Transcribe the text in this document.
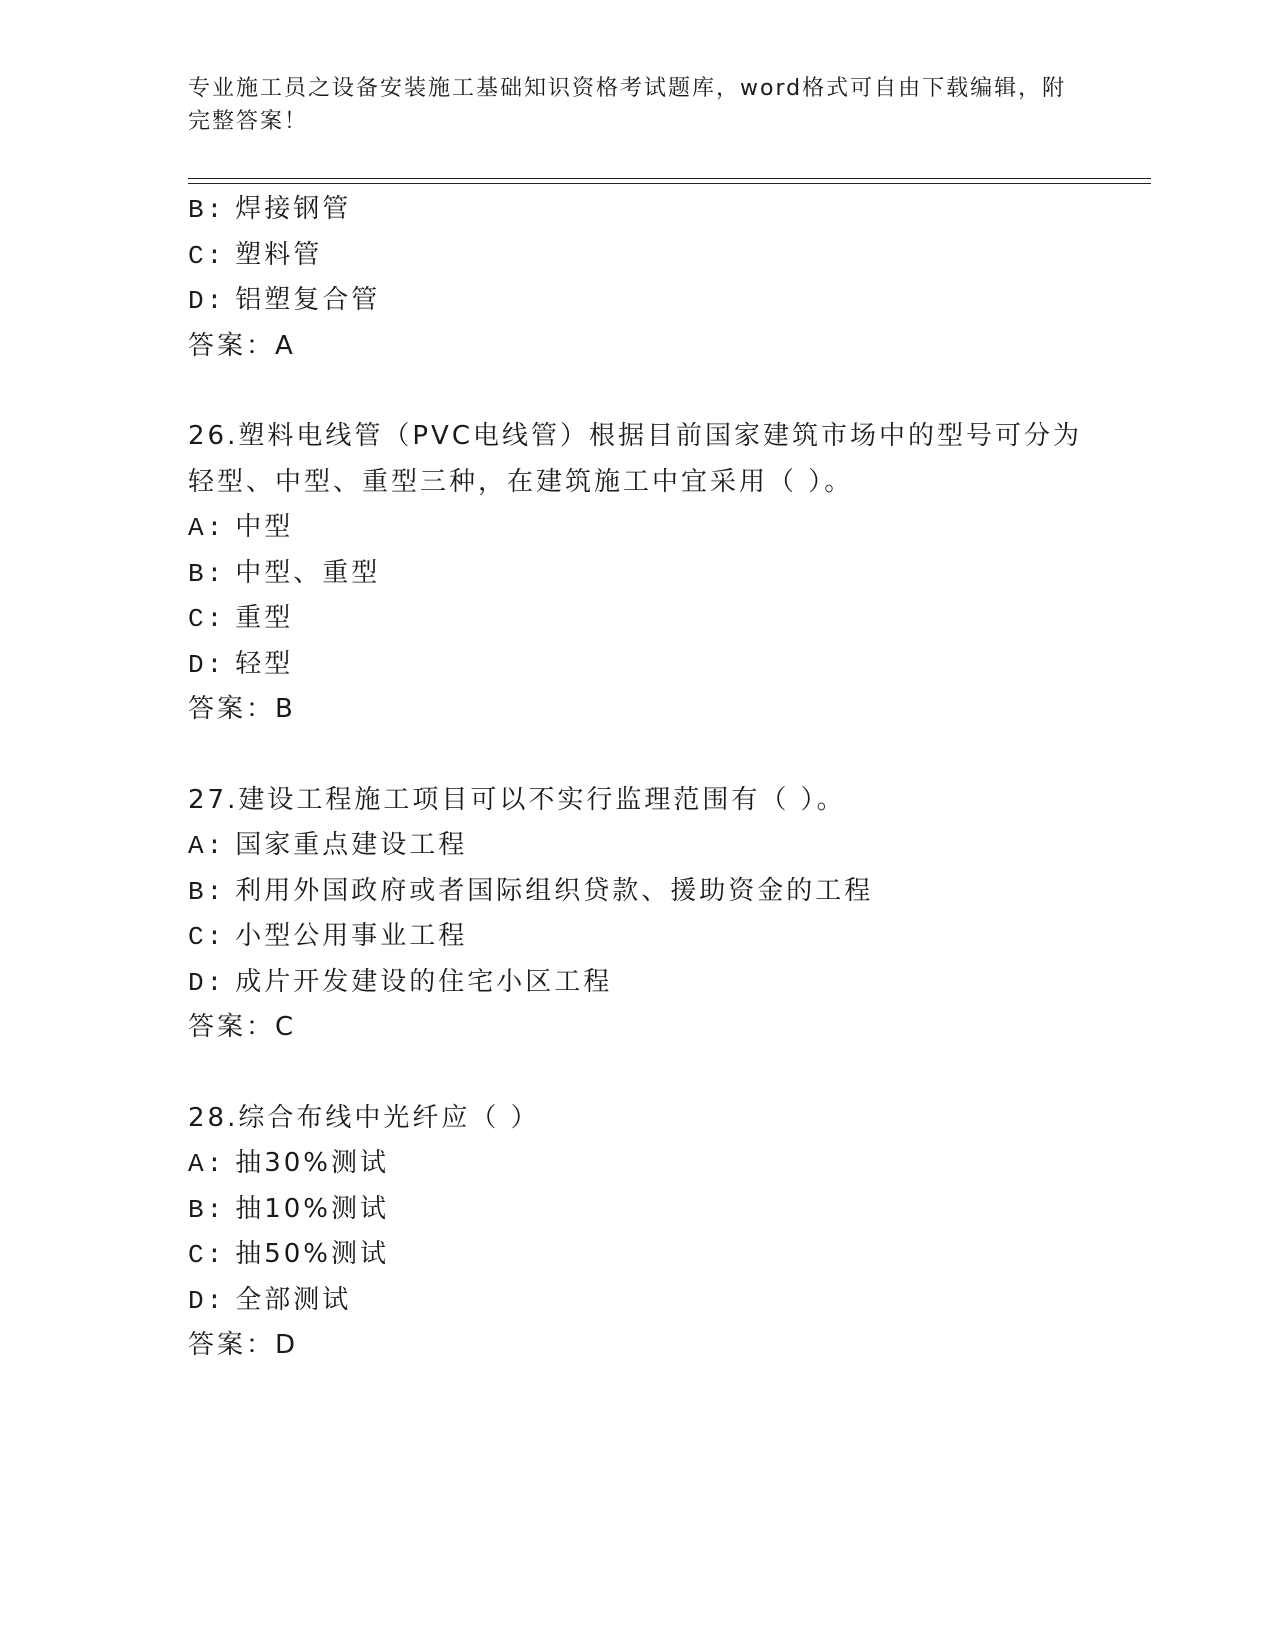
专业施工员之设备安装施工基础知识资格考试题库，word格式可自由下载编辑，附完整答案！
B: 焊接钢管
C: 塑料管
D: 铝塑复合管
答案：A
26.塑料电线管（PVC电线管）根据目前国家建筑市场中的型号可分为
轻型、中型、重型三种，在建筑施工中宜采用（ ）。
A: 中型
B: 中型、重型
C: 重型
D: 轻型
答案：B
27.建设工程施工项目可以不实行监理范围有（ ）。
A: 国家重点建设工程
B: 利用外国政府或者国际组织贷款、援助资金的工程
C: 小型公用事业工程
D: 成片开发建设的住宅小区工程
答案：C
28.综合布线中光纤应（ ）
A: 抽30%测试
B: 抽10%测试
C: 抽50%测试
D: 全部测试
答案：D
